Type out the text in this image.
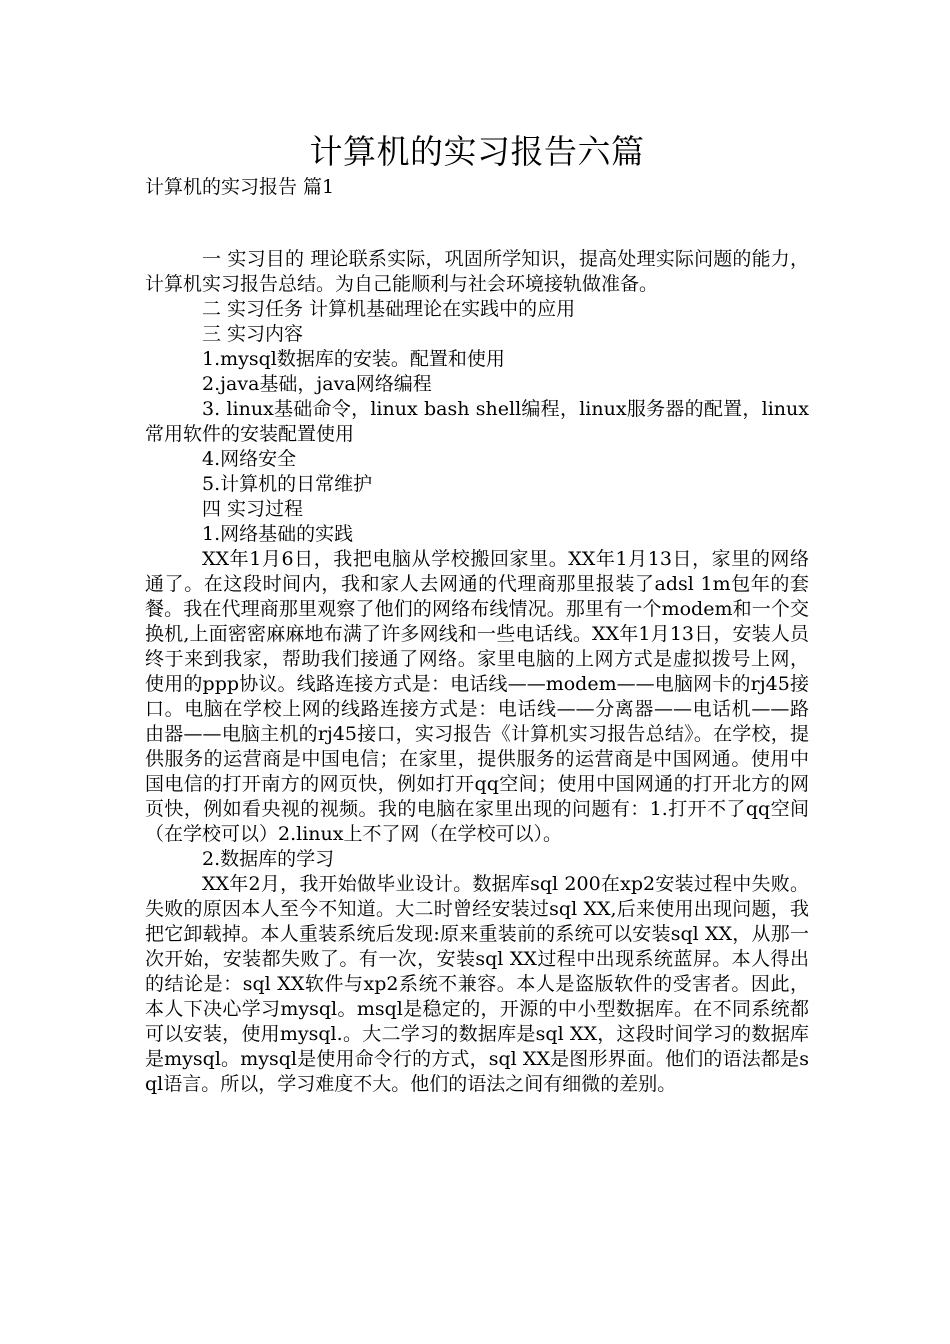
计算机的实习报告六篇
计算机的实习报告 篇1

一 实习目的 理论联系实际，巩固所学知识，提高处理实际问题的能力，计算机实习报告总结。为自己能顺利与社会环境接轨做准备。

二 实习任务 计算机基础理论在实践中的应用

三 实习内容

1.mysql数据库的安装。配置和使用

2.java基础，java网络编程

3. linux基础命令，linux bash shell编程，linux服务器的配置，linux常用软件的安装配置使用

4.网络安全

5.计算机的日常维护

四 实习过程

1.网络基础的实践

XX年1月6日，我把电脑从学校搬回家里。XX年1月13日，家里的网络通了。在这段时间内，我和家人去网通的代理商那里报装了adsl 1m包年的套餐。我在代理商那里观察了他们的网络布线情况。那里有一个modem和一个交换机,上面密密麻麻地布满了许多网线和一些电话线。XX年1月13日，安装人员终于来到我家，帮助我们接通了网络。家里电脑的上网方式是虚拟拨号上网，使用的ppp协议。线路连接方式是：电话线——modem——电脑网卡的rj45接口。电脑在学校上网的线路连接方式是：电话线——分离器——电话机——路由器——电脑主机的rj45接口，实习报告《计算机实习报告总结》。在学校，提供服务的运营商是中国电信；在家里，提供服务的运营商是中国网通。使用中国电信的打开南方的网页快，例如打开qq空间；使用中国网通的打开北方的网页快，例如看央视的视频。我的电脑在家里出现的问题有：1.打开不了qq空间（在学校可以）2.linux上不了网（在学校可以）。

2.数据库的学习

XX年2月，我开始做毕业设计。数据库sql 200在xp2安装过程中失败。失败的原因本人至今不知道。大二时曾经安装过sql XX,后来使用出现问题，我把它卸载掉。本人重装系统后发现:原来重装前的系统可以安装sql XX，从那一次开始，安装都失败了。有一次，安装sql XX过程中出现系统蓝屏。本人得出的结论是：sql XX软件与xp2系统不兼容。本人是盗版软件的受害者。因此，本人下决心学习mysql。msql是稳定的，开源的中小型数据库。在不同系统都可以安装，使用mysql.。大二学习的数据库是sql XX，这段时间学习的数据库是mysql。mysql是使用命令行的方式，sql XX是图形界面。他们的语法都是sql语言。所以，学习难度不大。他们的语法之间有细微的差别。
